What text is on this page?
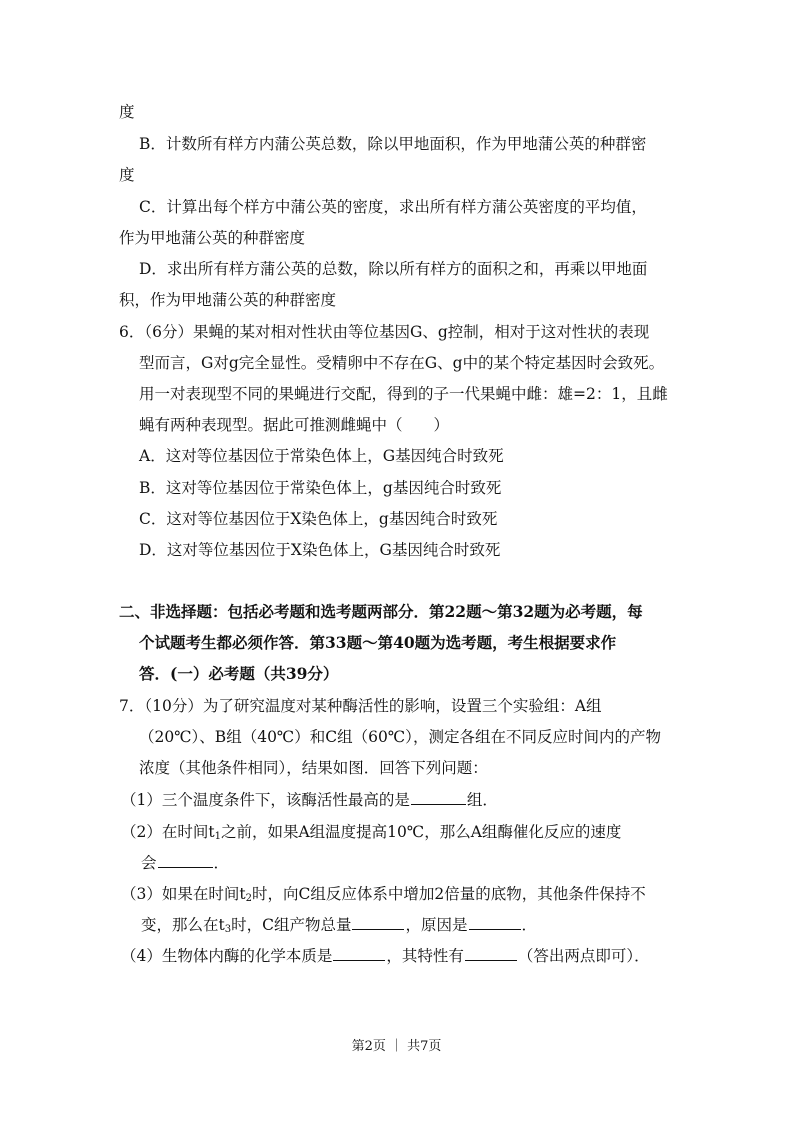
度
B．计数所有样方内蒲公英总数，除以甲地面积，作为甲地蒲公英的种群密
度
C．计算出每个样方中蒲公英的密度，求出所有样方蒲公英密度的平均值，
作为甲地蒲公英的种群密度
D．求出所有样方蒲公英的总数，除以所有样方的面积之和，再乘以甲地面
积，作为甲地蒲公英的种群密度
6．（6分）果蝇的某对相对性状由等位基因G、g控制，相对于这对性状的表现
型而言，G对g完全显性。受精卵中不存在G、g中的某个特定基因时会致死。
用一对表现型不同的果蝇进行交配，得到的子一代果蝇中雌：雄=2：1，且雌
蝇有两种表现型。据此可推测雌蝇中（　　）
A．这对等位基因位于常染色体上，G基因纯合时致死
B．这对等位基因位于常染色体上，g基因纯合时致死
C．这对等位基因位于X染色体上，g基因纯合时致死
D．这对等位基因位于X染色体上，G基因纯合时致死
二、非选择题：包括必考题和选考题两部分．第22题～第32题为必考题，每
个试题考生都必须作答．第33题～第40题为选考题，考生根据要求作
答．(一）必考题（共39分）
7．（10分）为了研究温度对某种酶活性的影响，设置三个实验组：A组
（20℃）、B组（40℃）和C组（60℃），测定各组在不同反应时间内的产物
浓度（其他条件相同），结果如图．回答下列问题：
（1）三个温度条件下，该酶活性最高的是	组．
（2）在时间$t_1$之前，如果A组温度提高10℃，那么A组酶催化反应的速度
会	．
（3）如果在时间$t_2$时，向C组反应体系中增加2倍量的底物，其他条件保持不
变，那么在$t_3$时，C组产物总量	，原因是	．
（4）生物体内酶的化学本质是	，其特性有	（答出两点即可）．
第2页 ｜ 共7页
